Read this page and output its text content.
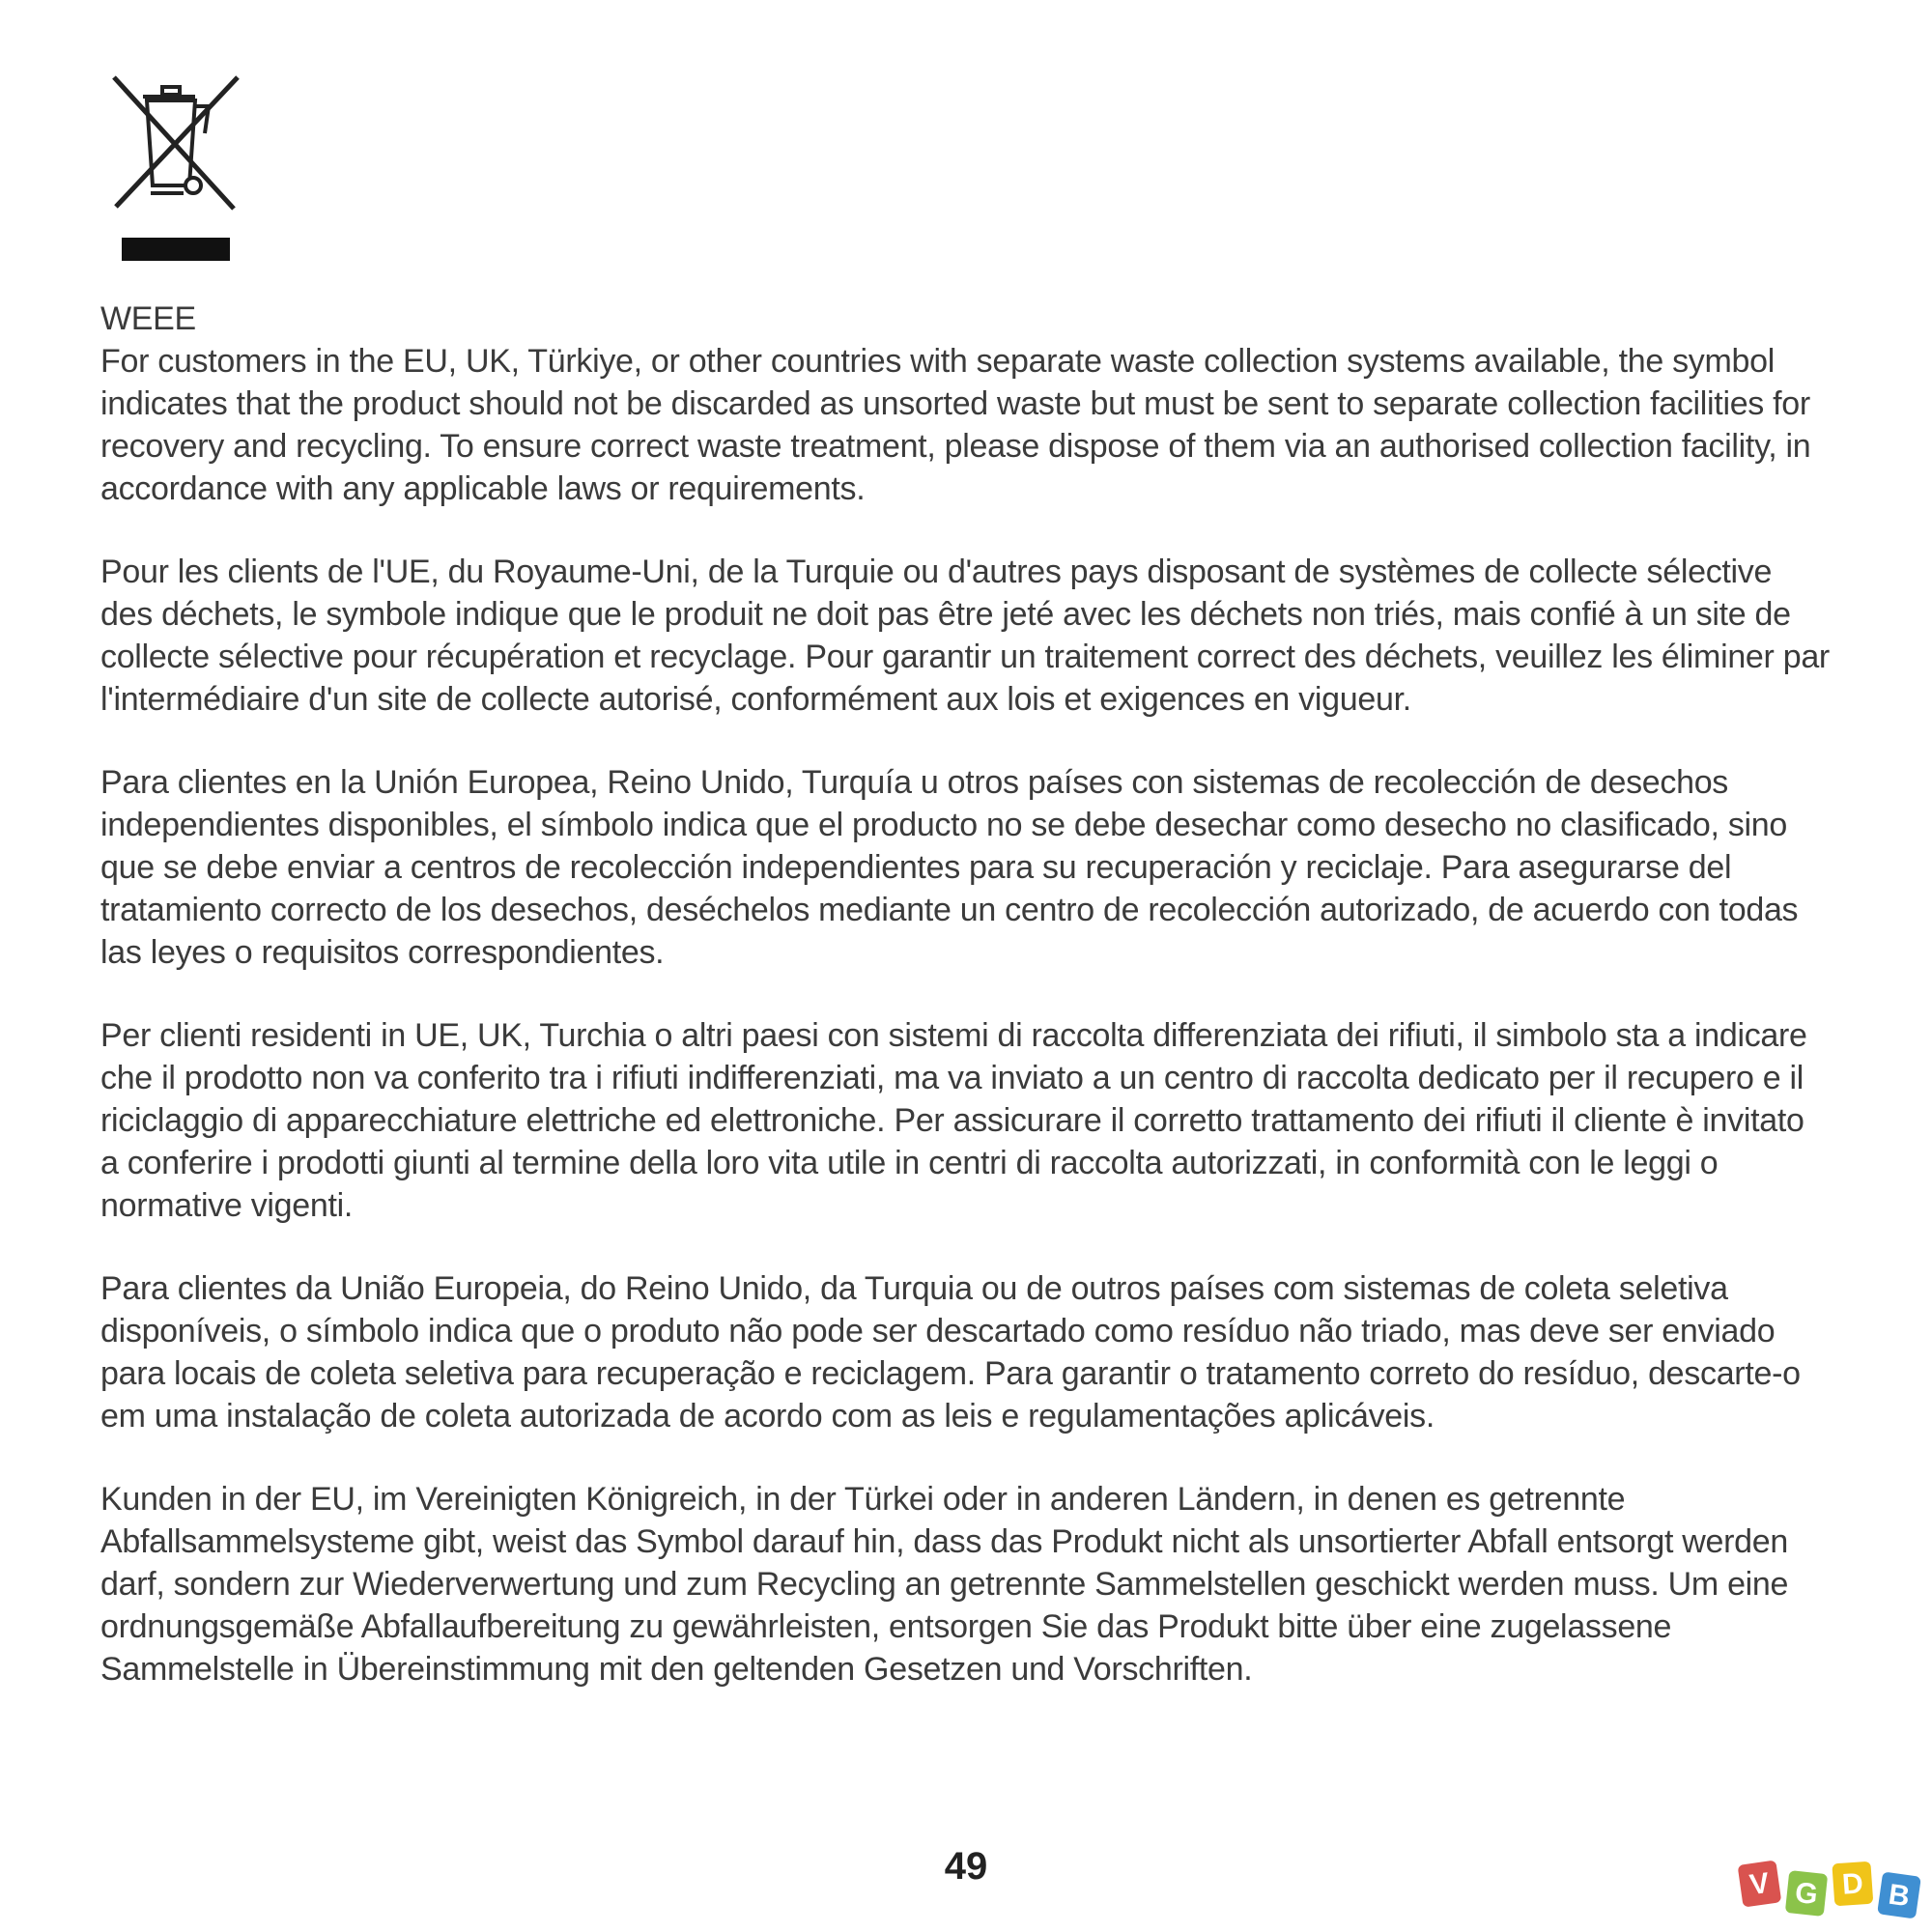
WEEE

For customers in the EU, UK, Türkiye, or other countries with separate waste collection systems available, the symbol indicates that the product should not be discarded as unsorted waste but must be sent to separate collection facilities for recovery and recycling. To ensure correct waste treatment, please dispose of them via an authorised collection facility, in accordance with any applicable laws or requirements.

Pour les clients de l'UE, du Royaume-Uni, de la Turquie ou d'autres pays disposant de systèmes de collecte sélective des déchets, le symbole indique que le produit ne doit pas être jeté avec les déchets non triés, mais confié à un site de collecte sélective pour récupération et recyclage. Pour garantir un traitement correct des déchets, veuillez les éliminer par l'intermédiaire d'un site de collecte autorisé, conformément aux lois et exigences en vigueur.

Para clientes en la Unión Europea, Reino Unido, Turquía u otros países con sistemas de recolección de desechos independientes disponibles, el símbolo indica que el producto no se debe desechar como desecho no clasificado, sino que se debe enviar a centros de recolección independientes para su recuperación y reciclaje. Para asegurarse del tratamiento correcto de los desechos, deséchelos mediante un centro de recolección autorizado, de acuerdo con todas las leyes o requisitos correspondientes.

Per clienti residenti in UE, UK, Turchia o altri paesi con sistemi di raccolta differenziata dei rifiuti, il simbolo sta a indicare che il prodotto non va conferito tra i rifiuti indifferenziati, ma va inviato a un centro di raccolta dedicato per il recupero e il riciclaggio di apparecchiature elettriche ed elettroniche. Per assicurare il corretto trattamento dei rifiuti il cliente è invitato a conferire i prodotti giunti al termine della loro vita utile in centri di raccolta autorizzati, in conformità con le leggi o normative vigenti.

Para clientes da União Europeia, do Reino Unido, da Turquia ou de outros países com sistemas de coleta seletiva disponíveis, o símbolo indica que o produto não pode ser descartado como resíduo não triado, mas deve ser enviado para locais de coleta seletiva para recuperação e reciclagem. Para garantir o tratamento correto do resíduo, descarte-o em uma instalação de coleta autorizada de acordo com as leis e regulamentações aplicáveis.

Kunden in der EU, im Vereinigten Königreich, in der Türkei oder in anderen Ländern, in denen es getrennte Abfallsammelsysteme gibt, weist das Symbol darauf hin, dass das Produkt nicht als unsortierter Abfall entsorgt werden darf, sondern zur Wiederverwertung und zum Recycling an getrennte Sammelstellen geschickt werden muss. Um eine ordnungsgemäße Abfallaufbereitung zu gewährleisten, entsorgen Sie das Produkt bitte über eine zugelassene Sammelstelle in Übereinstimmung mit den geltenden Gesetzen und Vorschriften.

49	V G D B
